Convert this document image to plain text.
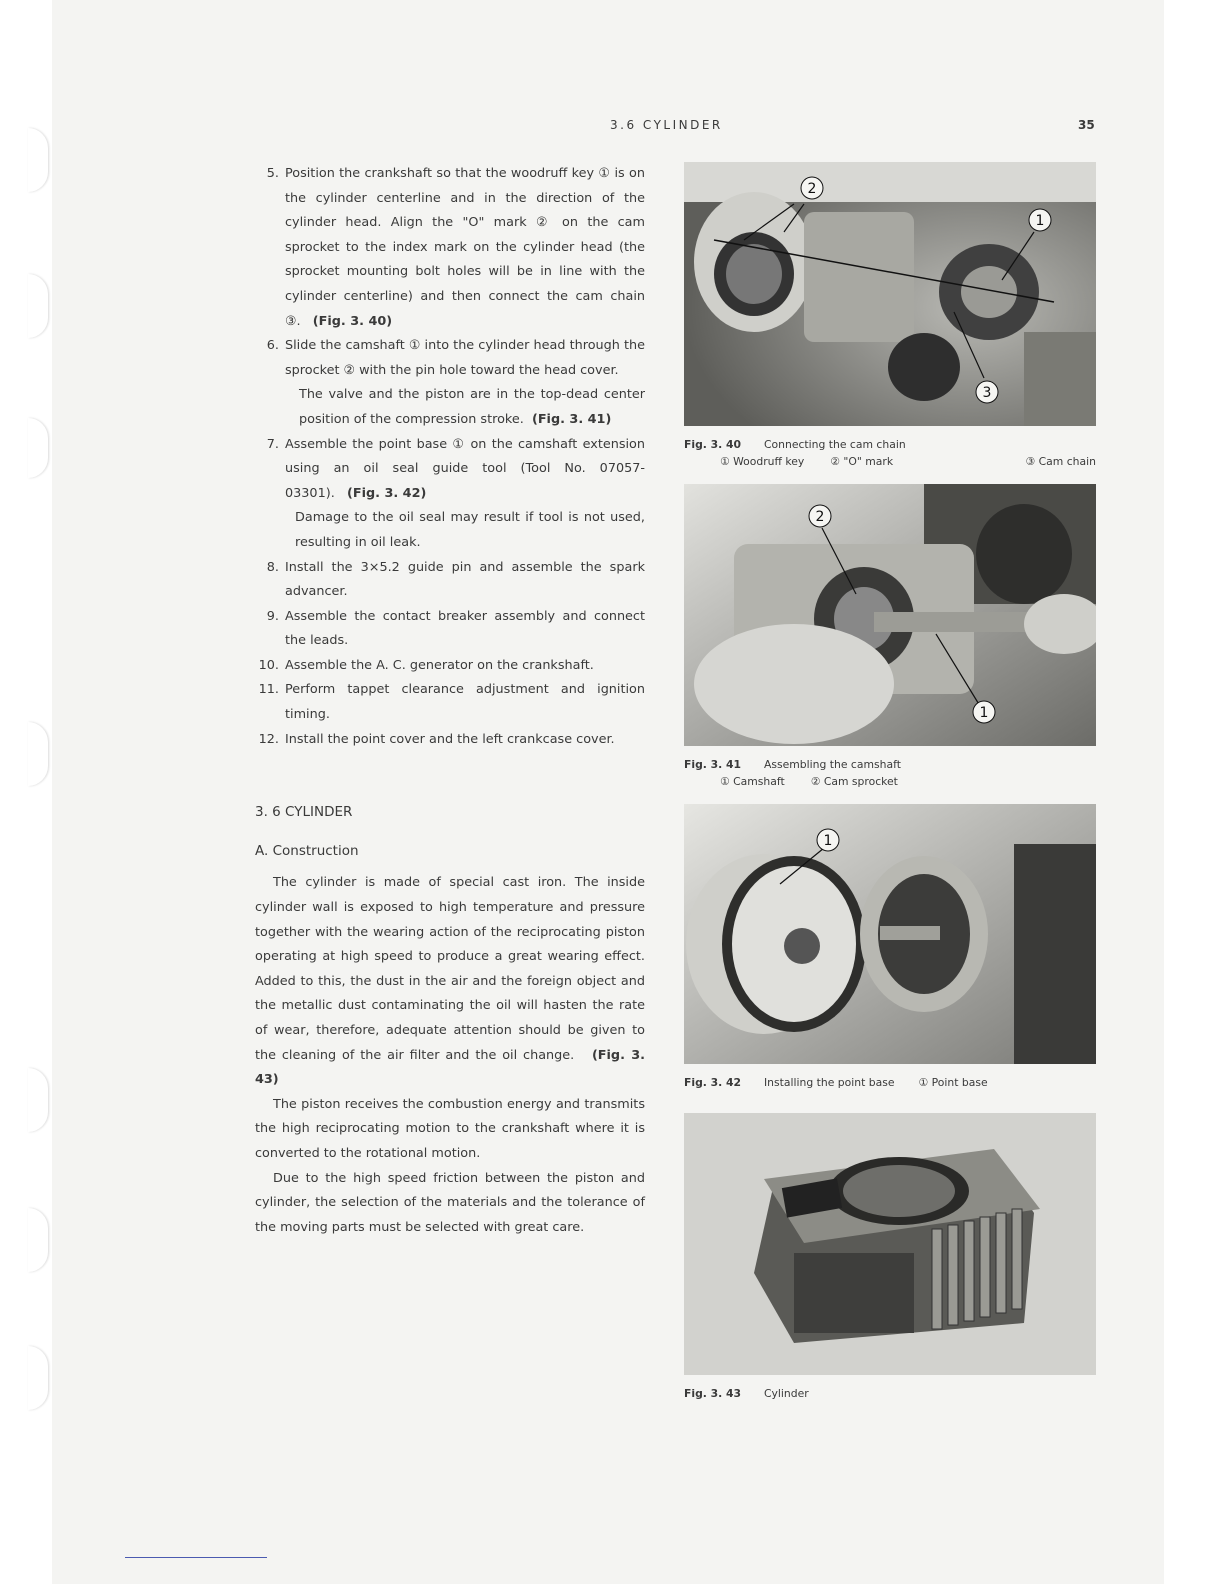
3.6 CYLINDER	35
5. Position the crankshaft so that the woodruff key ① is on the cylinder centerline and in the direction of the cylinder head. Align the "O" mark ② on the cam sprocket to the index mark on the cylinder head (the sprocket mounting bolt holes will be in line with the cylinder centerline) and then connect the cam chain ③. (Fig. 3. 40)
6. Slide the camshaft ① into the cylinder head through the sprocket ② with the pin hole toward the head cover.
The valve and the piston are in the top-dead center position of the compression stroke. (Fig. 3. 41)
7. Assemble the point base ① on the camshaft extension using an oil seal guide tool (Tool No. 07057-03301). (Fig. 3. 42)
Damage to the oil seal may result if tool is not used, resulting in oil leak.
8. Install the 3×5.2 guide pin and assemble the spark advancer.
9. Assemble the contact breaker assembly and connect the leads.
10. Assemble the A. C. generator on the crankshaft.
11. Perform tappet clearance adjustment and ignition timing.
12. Install the point cover and the left crankcase cover.
3. 6 CYLINDER
A. Construction
The cylinder is made of special cast iron. The inside cylinder wall is exposed to high temperature and pressure together with the wearing action of the reciprocating piston operating at high speed to produce a great wearing effect. Added to this, the dust in the air and the foreign object and the metallic dust contaminating the oil will hasten the rate of wear, therefore, adequate attention should be given to the cleaning of the air filter and the oil change. (Fig. 3. 43)
The piston receives the combustion energy and transmits the high reciprocating motion to the crankshaft where it is converted to the rotational motion.
Due to the high speed friction between the piston and cylinder, the selection of the materials and the tolerance of the moving parts must be selected with great care.
2
1
3
Fig. 3. 40 Connecting the cam chain
① Woodruff key ② "O" mark	③ Cam chain
2
1
Fig. 3. 41 Assembling the camshaft
① Camshaft ② Cam sprocket
1
Fig. 3. 42 Installing the point base ① Point base
Fig. 3. 43 Cylinder
